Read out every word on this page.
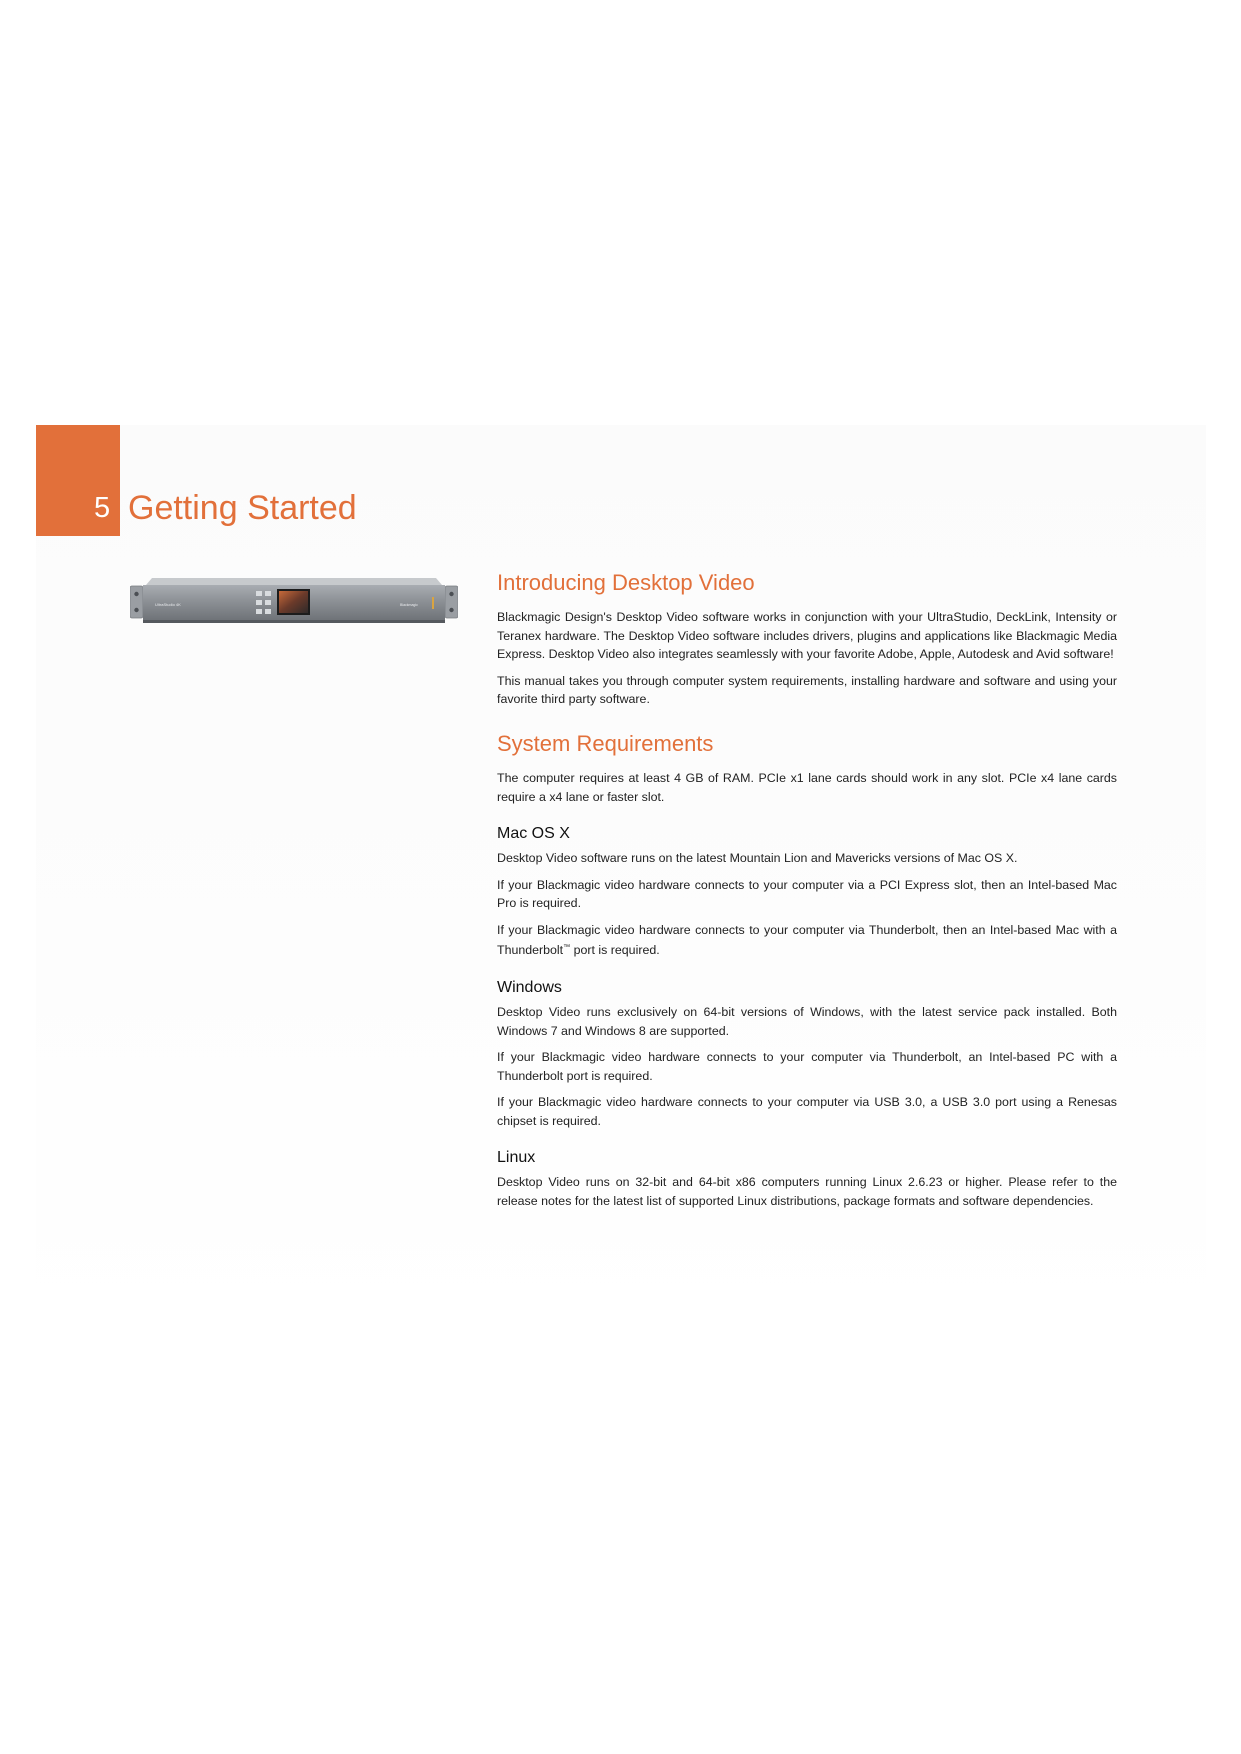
5 Getting Started
UltraStudio 4K	Blackmagic
Introducing Desktop Video

Blackmagic Design's Desktop Video software works in conjunction with your UltraStudio, DeckLink, Intensity or Teranex hardware. The Desktop Video software includes drivers, plugins and applications like Blackmagic Media Express. Desktop Video also integrates seamlessly with your favorite Adobe, Apple, Autodesk and Avid software!

This manual takes you through computer system requirements, installing hardware and software and using your favorite third party software.

System Requirements

The computer requires at least 4 GB of RAM. PCIe x1 lane cards should work in any slot. PCIe x4 lane cards require a x4 lane or faster slot.

Mac OS X

Desktop Video software runs on the latest Mountain Lion and Mavericks versions of Mac OS X.

If your Blackmagic video hardware connects to your computer via a PCI Express slot, then an Intel-based Mac Pro is required.

If your Blackmagic video hardware connects to your computer via Thunderbolt, then an Intel-based Mac with a Thunderbolt™ port is required.

Windows

Desktop Video runs exclusively on 64-bit versions of Windows, with the latest service pack installed. Both Windows 7 and Windows 8 are supported.

If your Blackmagic video hardware connects to your computer via Thunderbolt, an Intel-based PC with a Thunderbolt port is required.

If your Blackmagic video hardware connects to your computer via USB 3.0, a USB 3.0 port using a Renesas chipset is required.

Linux

Desktop Video runs on 32-bit and 64-bit x86 computers running Linux 2.6.23 or higher. Please refer to the release notes for the latest list of supported Linux distributions, package formats and software dependencies.
